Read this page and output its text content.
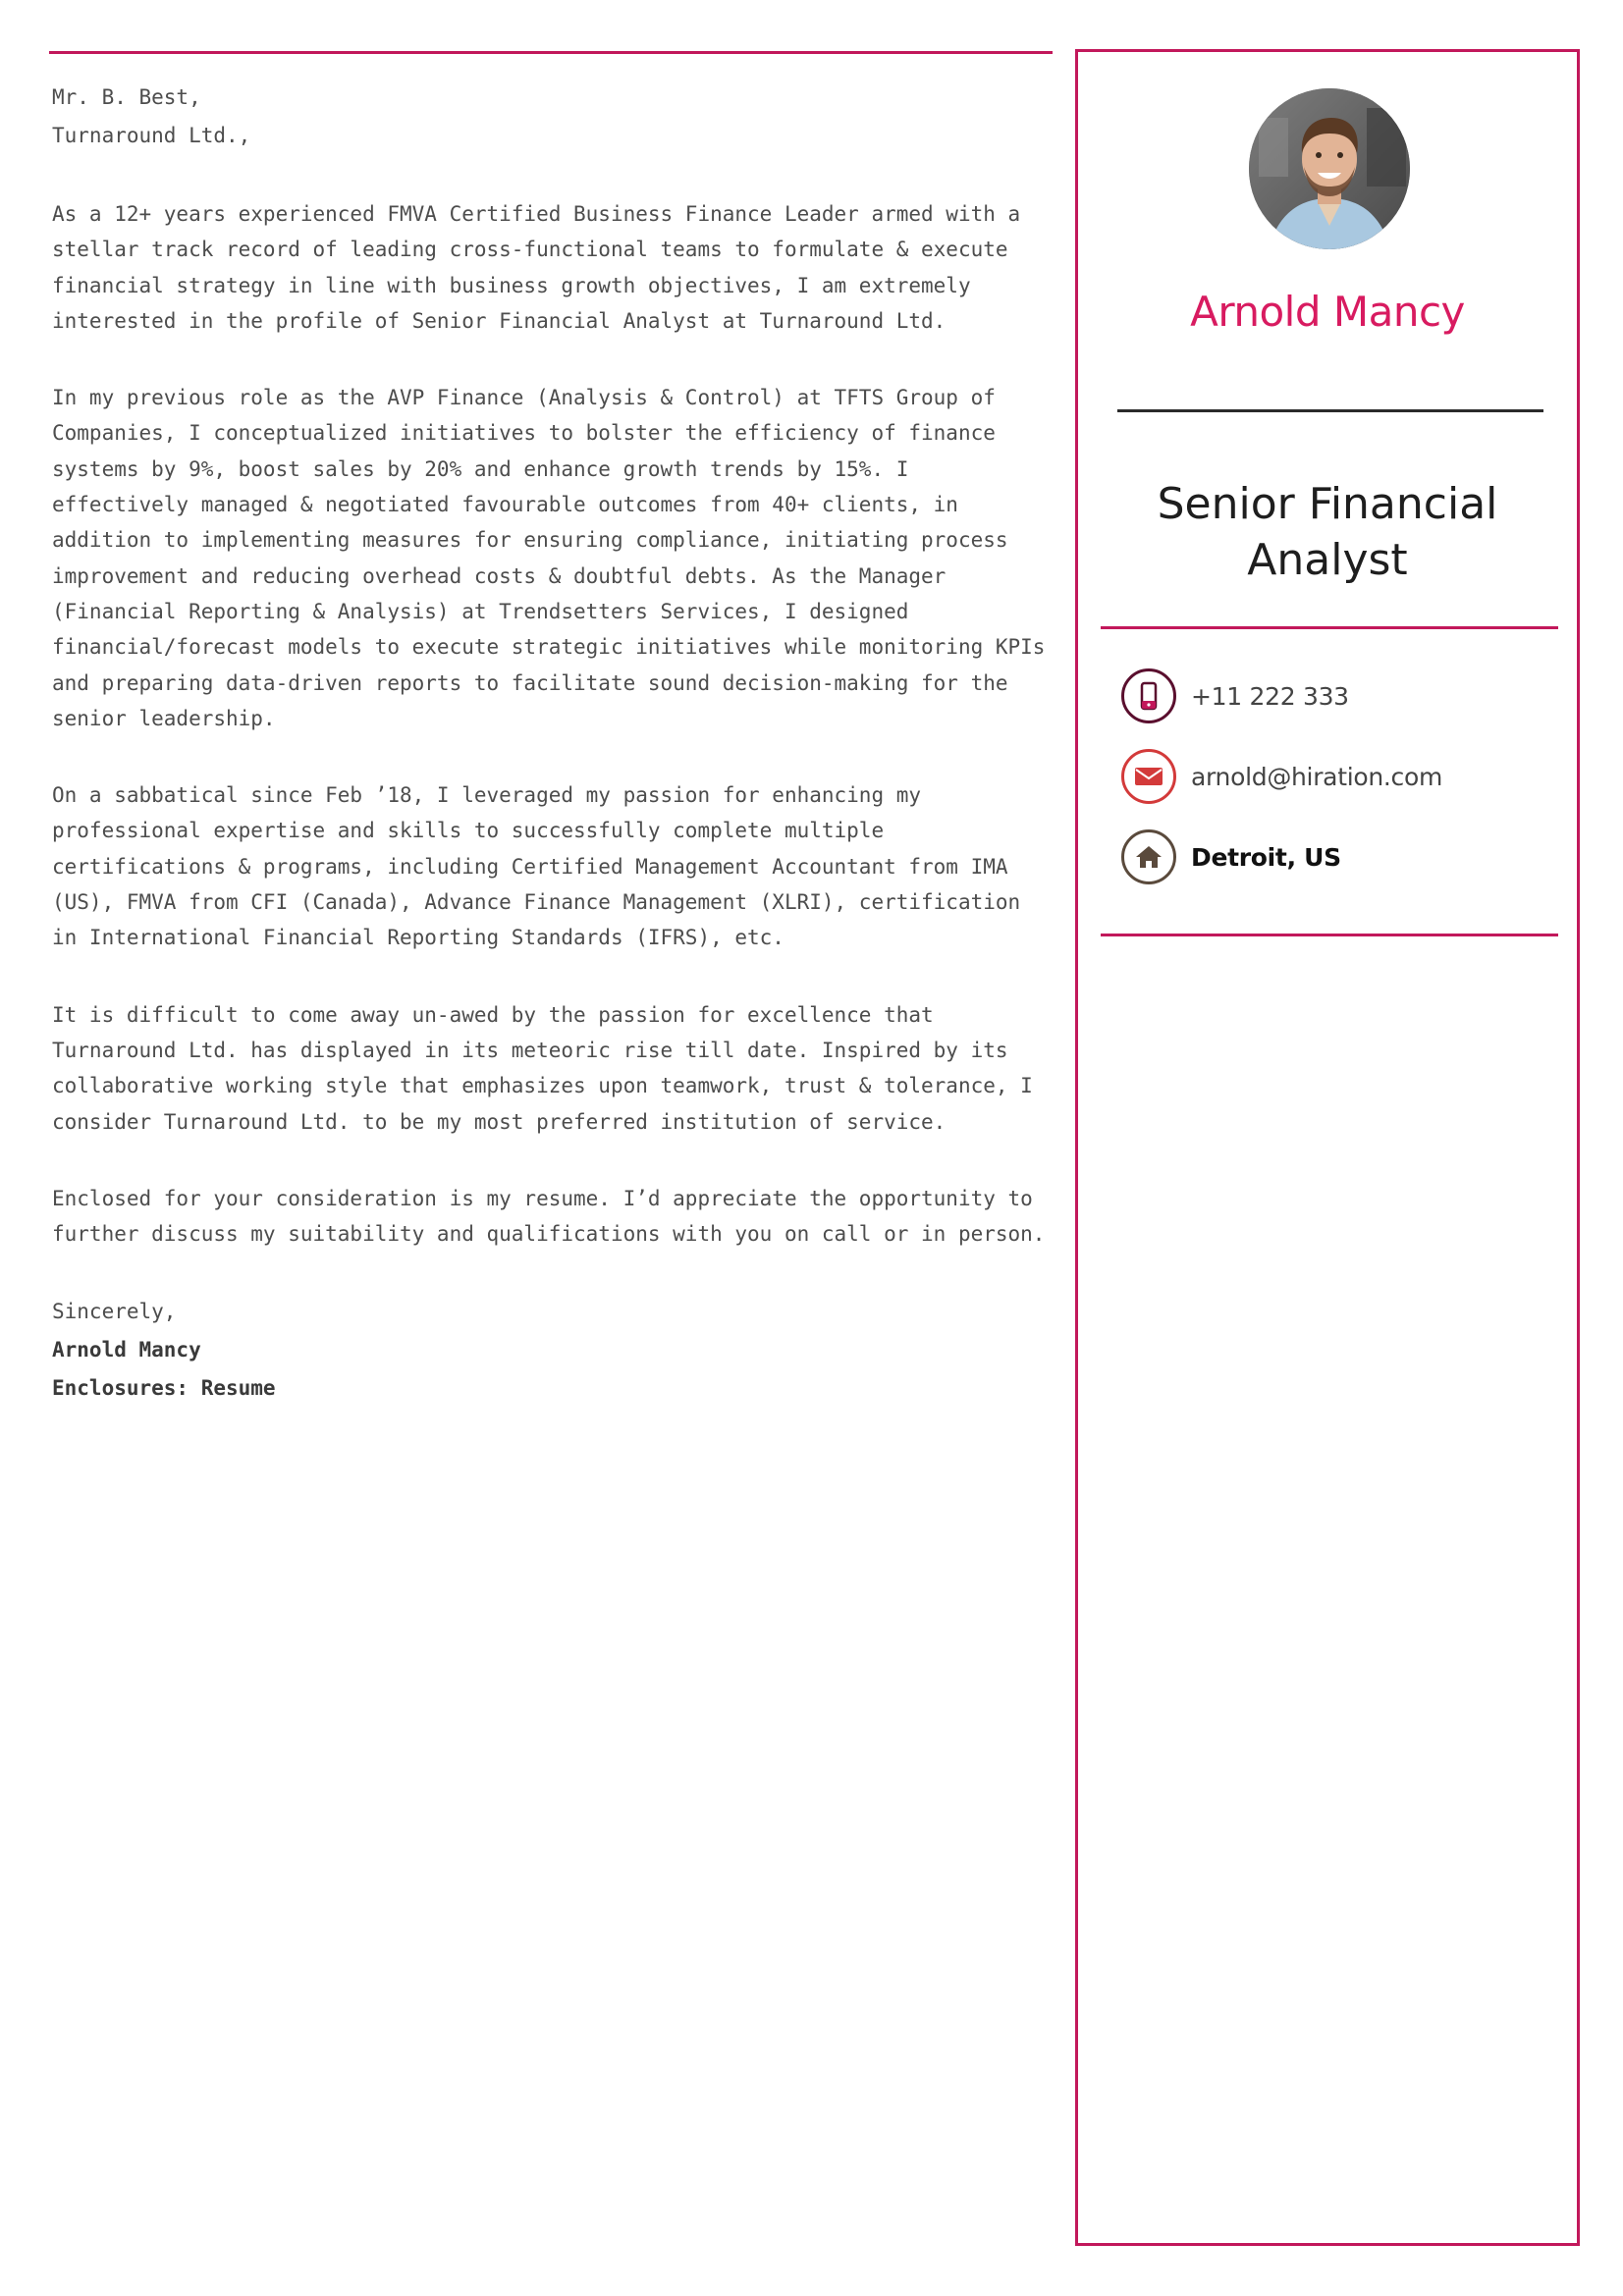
Mr. B. Best,

Turnaround Ltd.,

As a 12+ years experienced FMVA Certified Business Finance Leader armed with a
stellar track record of leading cross-functional teams to formulate & execute
financial strategy in line with business growth objectives, I am extremely
interested in the profile of Senior Financial Analyst at Turnaround Ltd.

In my previous role as the AVP Finance (Analysis & Control) at TFTS Group of
Companies, I conceptualized initiatives to bolster the efficiency of finance
systems by 9%, boost sales by 20% and enhance growth trends by 15%. I
effectively managed & negotiated favourable outcomes from 40+ clients, in
addition to implementing measures for ensuring compliance, initiating process
improvement and reducing overhead costs & doubtful debts. As the Manager
(Financial Reporting & Analysis) at Trendsetters Services, I designed
financial/forecast models to execute strategic initiatives while monitoring KPIs
and preparing data-driven reports to facilitate sound decision-making for the
senior leadership.

On a sabbatical since Feb ’18, I leveraged my passion for enhancing my
professional expertise and skills to successfully complete multiple
certifications & programs, including Certified Management Accountant from IMA
(US), FMVA from CFI (Canada), Advance Finance Management (XLRI), certification
in International Financial Reporting Standards (IFRS), etc.

It is difficult to come away un-awed by the passion for excellence that
Turnaround Ltd. has displayed in its meteoric rise till date. Inspired by its
collaborative working style that emphasizes upon teamwork, trust & tolerance, I
consider Turnaround Ltd. to be my most preferred institution of service.

Enclosed for your consideration is my resume. I’d appreciate the opportunity to
further discuss my suitability and qualifications with you on call or in person.

Sincerely,

Arnold Mancy

Enclosures: Resume

Arnold Mancy
Senior Financial Analyst
+11 222 333
arnold@hiration.com
Detroit, US
